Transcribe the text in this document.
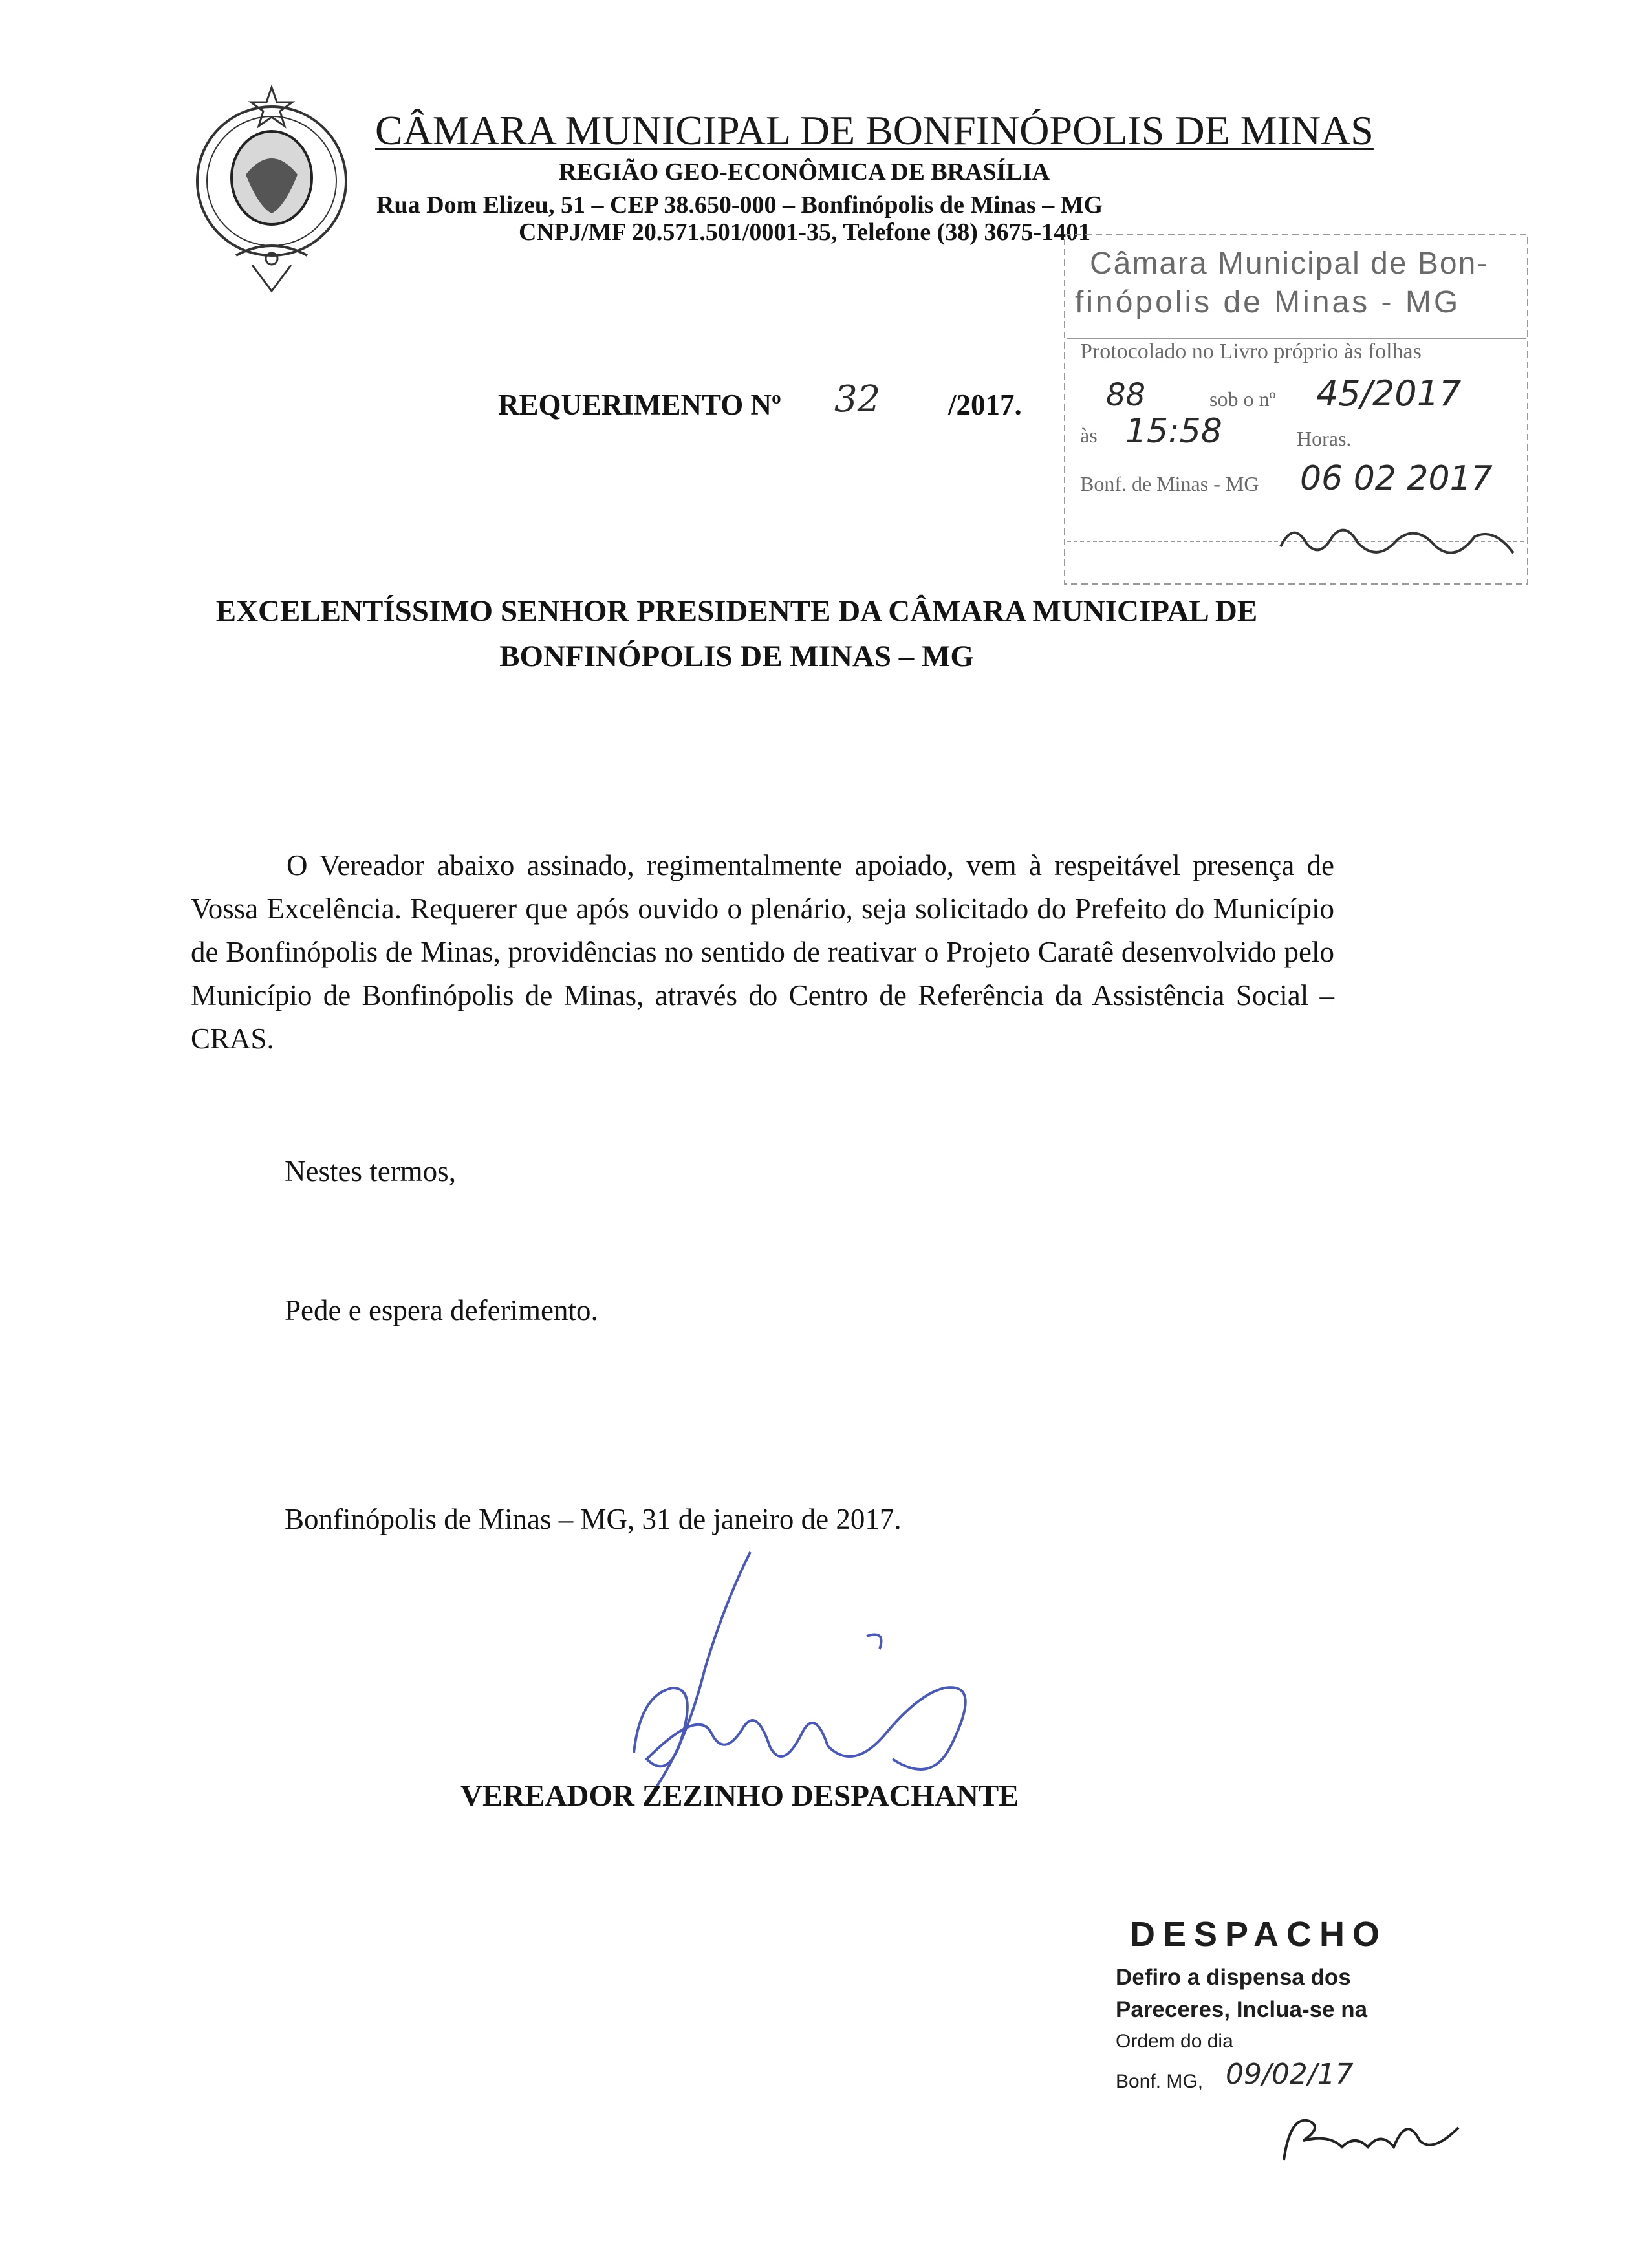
CÂMARA MUNICIPAL DE BONFINÓPOLIS DE MINAS
REGIÃO GEO-ECONÔMICA DE BRASÍLIA
Rua Dom Elizeu, 51 – CEP 38.650-000 – Bonfinópolis de Minas – MG
CNPJ/MF 20.571.501/0001-35, Telefone (38) 3675-1401
Câmara Municipal de Bon-
finópolis de Minas - MG
Protocolado no Livro próprio às folhas
88	sob o nº 45/2017
às 15:58	Horas.
Bonf. de Minas - MG 06 02 2017
REQUERIMENTO Nº 32 /2017.
EXCELENTÍSSIMO SENHOR PRESIDENTE DA CÂMARA MUNICIPAL DE
BONFINÓPOLIS DE MINAS – MG
O Vereador abaixo assinado, regimentalmente apoiado, vem à respeitável presença de Vossa Excelência. Requerer que após ouvido o plenário, seja solicitado do Prefeito do Município de Bonfinópolis de Minas, providências no sentido de reativar o Projeto Caratê desenvolvido pelo Município de Bonfinópolis de Minas, através do Centro de Referência da Assistência Social – CRAS.
Nestes termos,
Pede e espera deferimento.
Bonfinópolis de Minas – MG, 31 de janeiro de 2017.
VEREADOR ZEZINHO DESPACHANTE
DESPACHO
Defiro a dispensa dos
Pareceres, Inclua-se na
Ordem do dia
Bonf. MG, 09/02/17
